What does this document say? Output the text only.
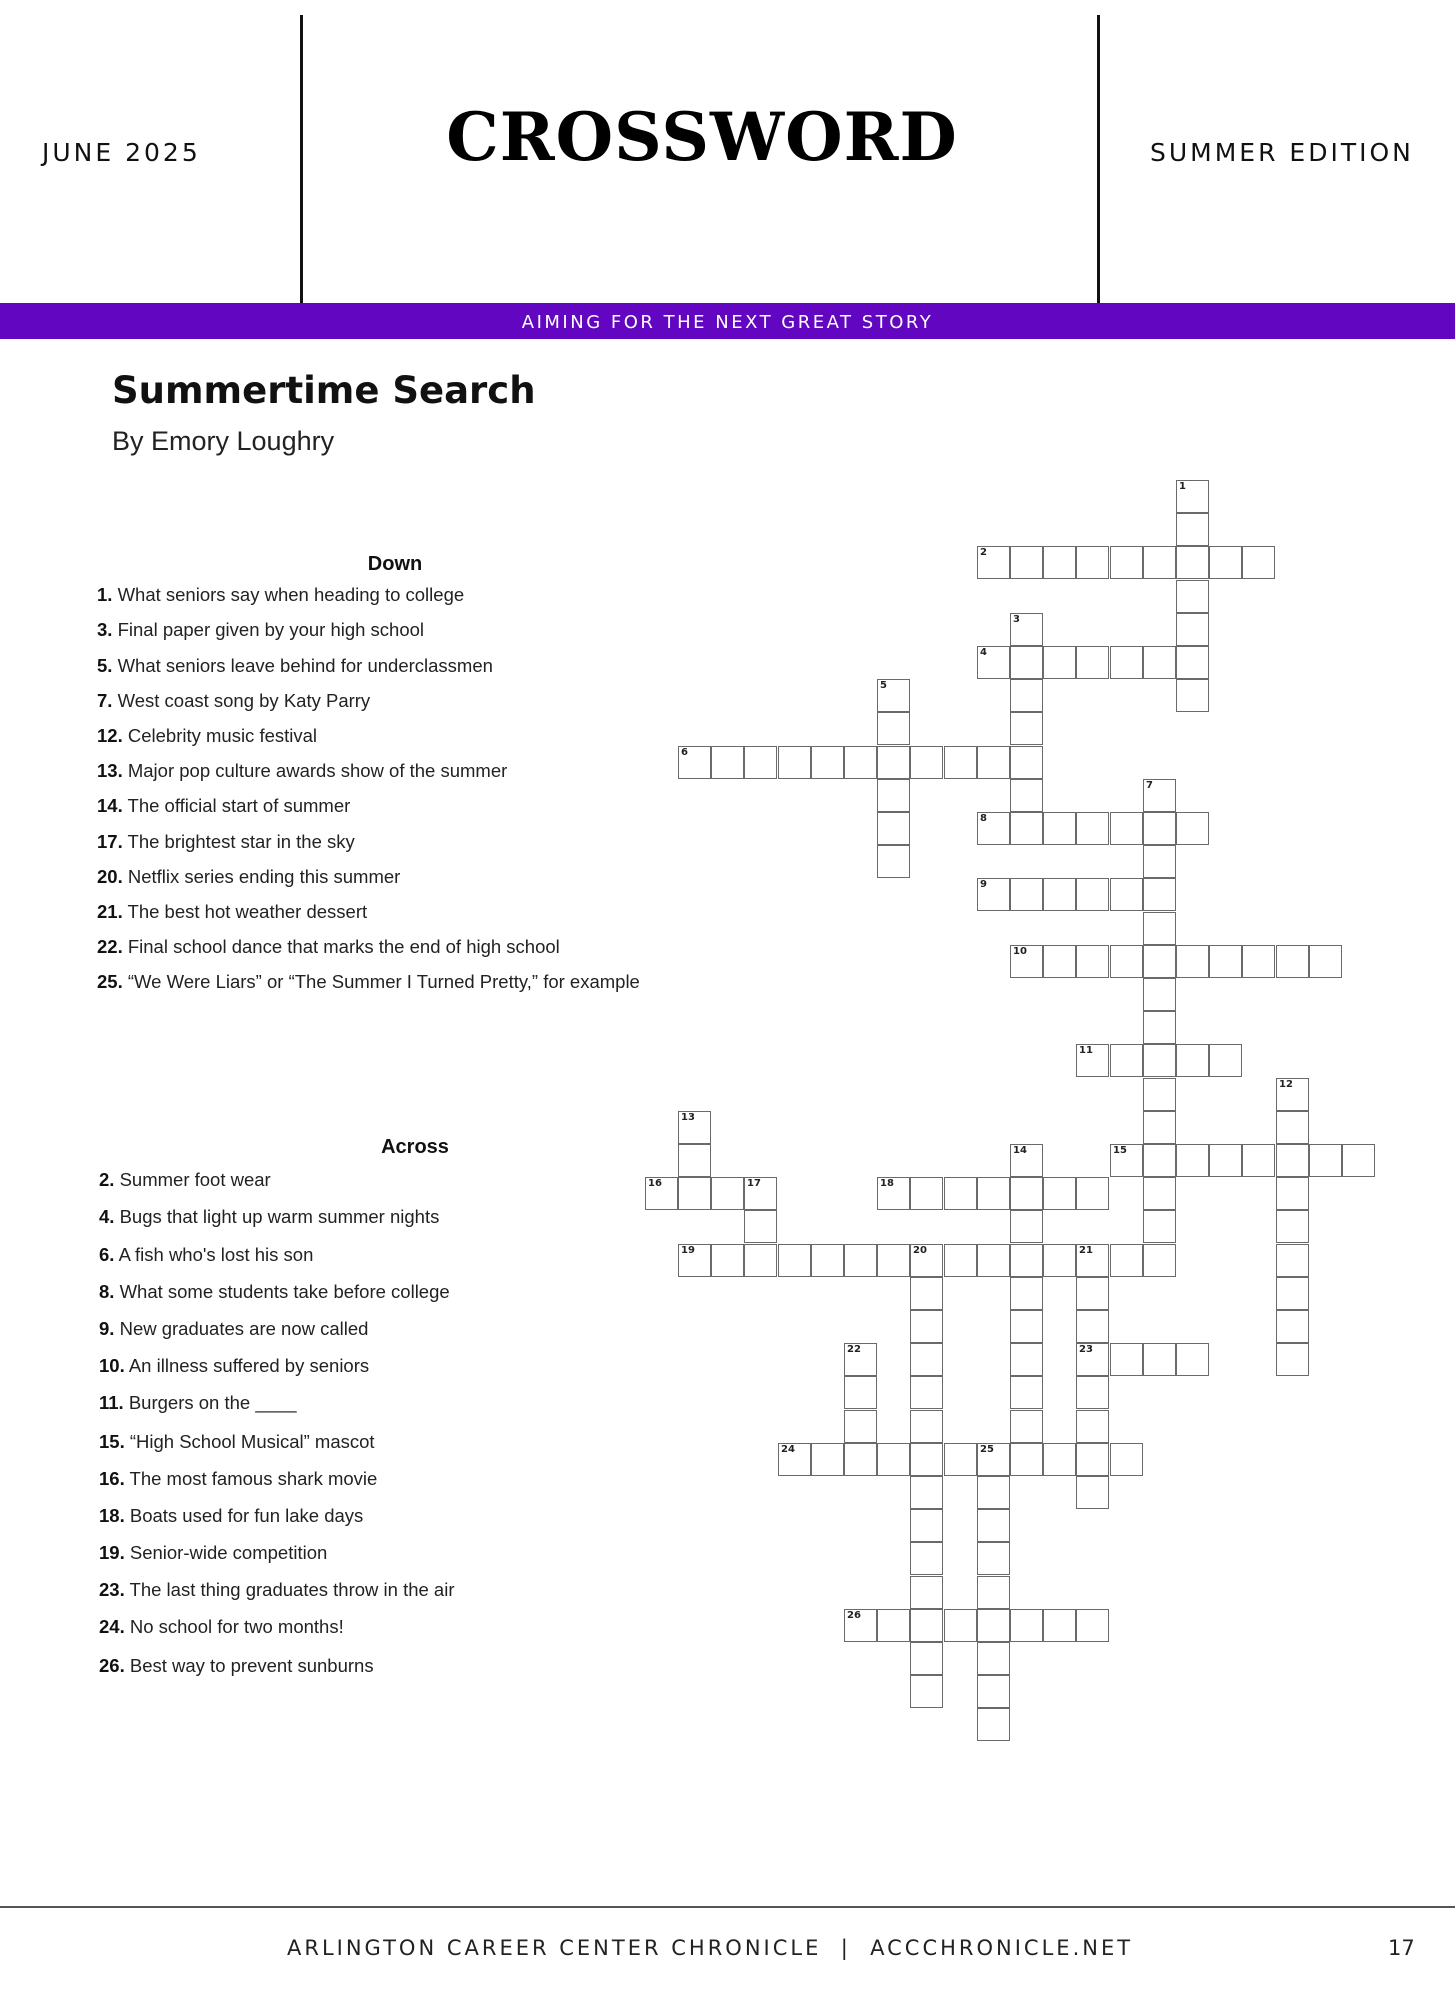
JUNE 2025	CROSSWORD	SUMMER EDITION
AIMING FOR THE NEXT GREAT STORY
Summertime Search
By Emory Loughry
Down
1. What seniors say when heading to college
3. Final paper given by your high school
5. What seniors leave behind for underclassmen
7. West coast song by Katy Parry
12. Celebrity music festival
13. Major pop culture awards show of the summer
14. The official start of summer
17. The brightest star in the sky
20. Netflix series ending this summer
21. The best hot weather dessert
22. Final school dance that marks the end of high school
25. “We Were Liars” or “The Summer I Turned Pretty,” for example
Across
2. Summer foot wear
4. Bugs that light up warm summer nights
6. A fish who's lost his son
8. What some students take before college
9. New graduates are now called
10. An illness suffered by seniors
11. Burgers on the ____
15. “High School Musical” mascot
16. The most famous shark movie
18. Boats used for fun lake days
19. Senior-wide competition
23. The last thing graduates throw in the air
24. No school for two months!
26. Best way to prevent sunburns
1
2
3
4
5
6
7
8
9
10
11
12
13
14	15
16	17	18
19	20	21
23
22
24	25
26
ARLINGTON CAREER CENTER CHRONICLE  |  ACCCHRONICLE.NET	17
